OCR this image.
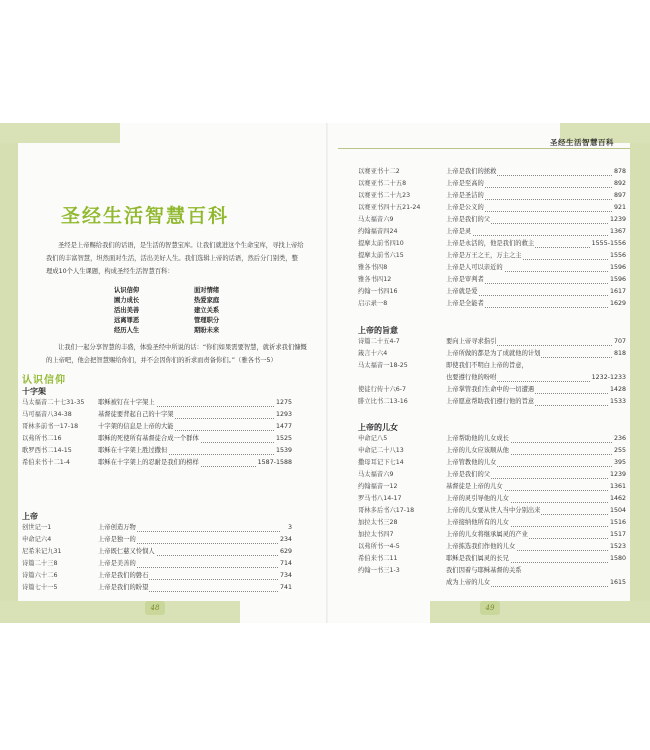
圣经生活智慧百科
圣经是上帝赐给我们的话语，是生活的智慧宝库。让我们就进这个生命宝库，寻找上帝给我们的丰富智慧，坦然面对生活，活出美好人生。我们选辑上帝的话语，然后分门别类，整理成10个人生课题，构成圣经生活智慧百科：
认识信仰	面对情绪
園力成长	热爱家庭
活出美善	建立关系
远离罪恶	管理职分
经历人生	期盼未来
让我们一起分享智慧的丰盛，体验圣经中所说的话：“你们如果需要智慧，就祈求我们慷慨的上帝吧，他会把智慧赐给你们，并不会因你们的祈求而责备你们。”（雅各书一5）
认识信仰
十字架
马太福音二十七31-35 耶稣被钉在十字架上	1275
马可福音八34-38	基督徒要背起自己的十字架	1293
哥林多前书一17-18	十字架的信息是上帝的大能	1477
以弗所书二16	耶稣的死使所有基督徒合成一个群体	1525
歌罗西书二14-15	耶稣在十字架上胜过撒但	1539
希伯来书十二1-4	耶稣在十字架上的忍耐是我们的榜样	1587-1588
上帝
创世记一1	上帝创造万物	3
申命记六4	上帝是独一的	234
尼希米记九31	上帝既仁慈又怜悯人	629
诗篇二十三8	上帝是美善的	714
诗篇六十二6	上帝是我们的磐石	734
诗篇七十一5	上帝是我们的盼望	741
48
圣经生活智慧百科
以赛亚书十二2	上帝是我们的拯救	878
以赛亚书二十五8	上帝是至高的	892
以赛亚书二十九23	上帝是圣洁的	897
以赛亚书四十五21-24	上帝是公义的	921
马太福音六9	上帝是我们的父	1239
约翰福音四24	上帝是灵	1367
提摩太前书四10	上帝是永活的，他是我们的救主	1555-1556
提摩太前书六15	上帝是万王之王，万主之主	1556
雅各书四8	上帝是人可以亲近的	1596
雅各书四12	上帝是审判者	1596
约翰一书四16	上帝就是爱	1617
启示录一8	上帝是全能者	1629
上帝的旨意
诗篇二十五4-7	要向上帝寻求指引	707
箴言十六4	上帝所做的都是为了成就他的计划	818
马太福音一18-25	即使我们不明白上帝的旨意，
也要遵行他的吩咐	1232-1233
使徒行传十六6-7	上帝掌管我们生命中的一切遭遇	1428
腓立比书二13-16	上帝愿意帮助我们遵行他的旨意	1533
上帝的儿女
申命记八5	上帝帮助他的儿女成长	236
申命记二十八13	上帝的儿女应该顺从他	255
撒母耳记下七14	上帝管教他的儿女	395
马太福音六9	上帝是我们的父	1239
约翰福音一12	基督徒是上帝的儿女	1361
罗马书八14-17	上帝的灵引导他的儿女	1462
哥林多后书六17-18	上帝的儿女要从世人当中分别出来	1504
加拉太书三28	上帝接纳他所有的儿女	1516
加拉太书四7	上帝的儿女将继承属灵的产业	1517
以弗所书一4-5	上帝拣选我们作他的儿女	1523
希伯来书二11	耶稣是我们属灵的长兄	1580
约翰一书三1-3	我们因着与耶稣基督的关系
成为上帝的儿女	1615
49
